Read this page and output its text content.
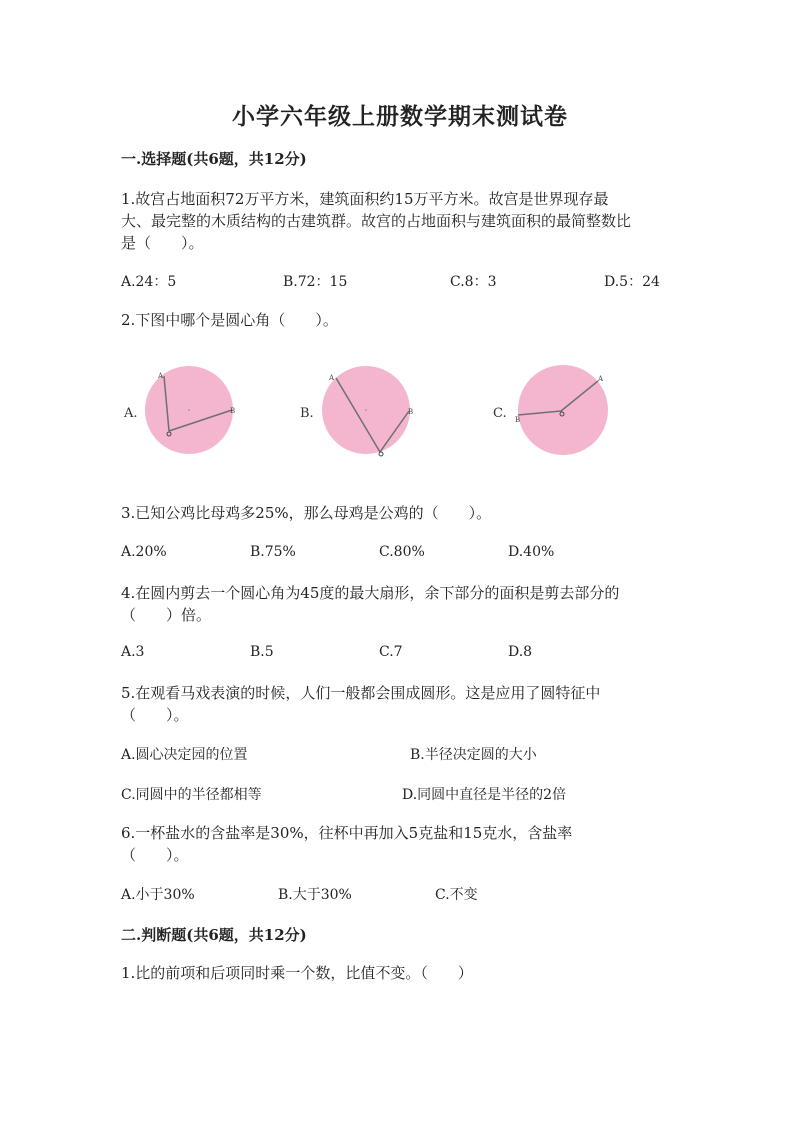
小学六年级上册数学期末测试卷
一.选择题(共6题，共12分)
1.故宫占地面积72万平方米，建筑面积约15万平方米。故宫是世界现存最
大、最完整的木质结构的古建筑群。故宫的占地面积与建筑面积的最简整数比
是（　　）。
A.24：5	B.72：15	C.8：3	D.5：24
2.下图中哪个是圆心角（　　）。
A.
A
B	B.
A
B	C. B
A
3.已知公鸡比母鸡多25%，那么母鸡是公鸡的（　　）。
A.20%	B.75%	C.80%	D.40%
4.在圆内剪去一个圆心角为45度的最大扇形，余下部分的面积是剪去部分的
（　　）倍。
A.3	B.5	C.7	D.8
5.在观看马戏表演的时候，人们一般都会围成圆形。这是应用了圆特征中
（　　）。
A.圆心决定园的位置	B.半径决定圆的大小
C.同圆中的半径都相等	D.同圆中直径是半径的2倍
6.一杯盐水的含盐率是30%，往杯中再加入5克盐和15克水，含盐率
（　　）。
A.小于30%	B.大于30%	C.不变
二.判断题(共6题，共12分)
1.比的前项和后项同时乘一个数，比值不变。（　　）
